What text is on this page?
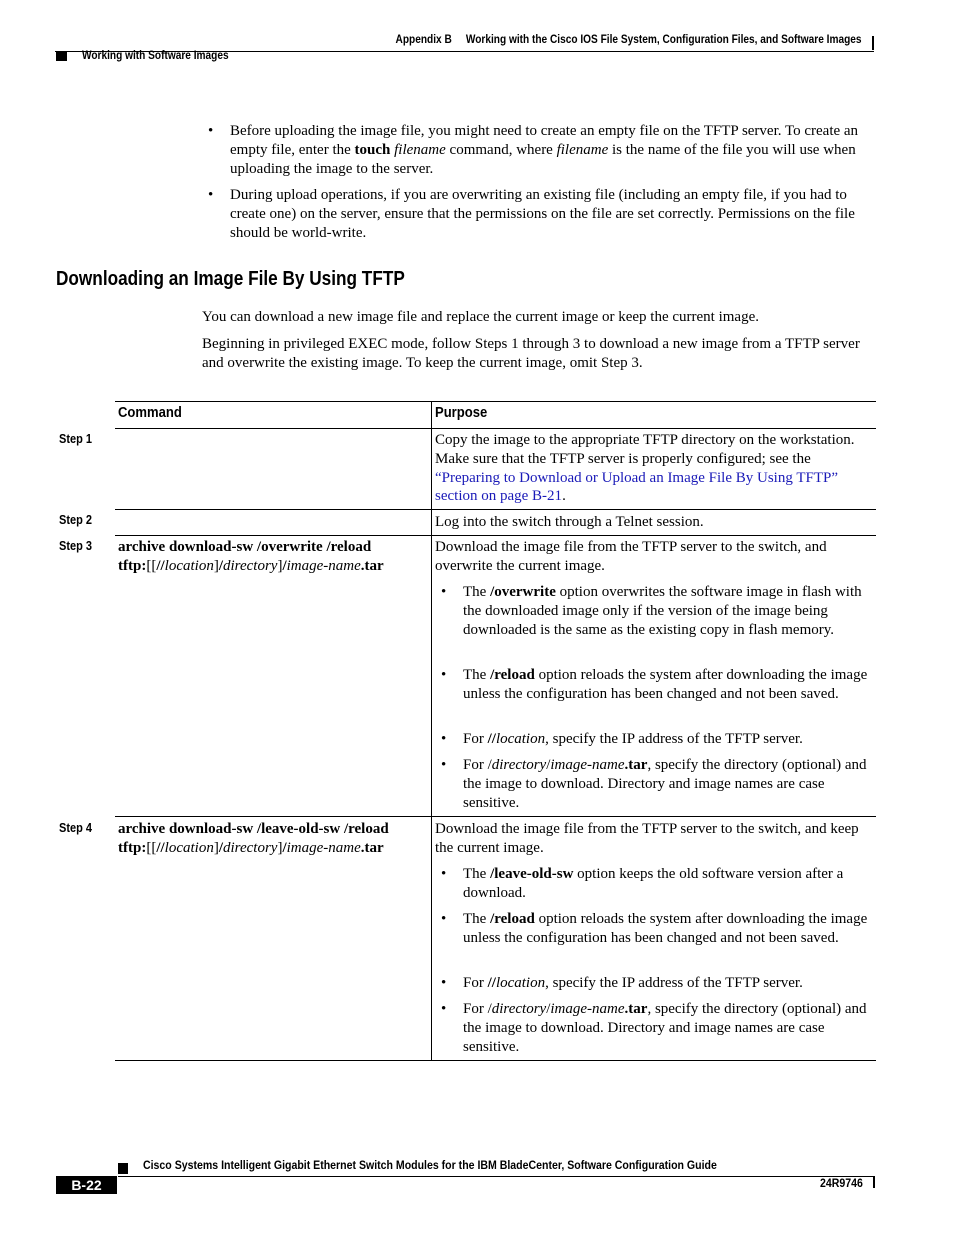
Appendix B Working with the Cisco IOS File System, Configuration Files, and Software Images
Working with Software Images
• Before uploading the image file, you might need to create an empty file on the TFTP server. To create an empty file, enter the touch filename command, where filename is the name of the file you will use when uploading the image to the server.
• During upload operations, if you are overwriting an existing file (including an empty file, if you had to create one) on the server, ensure that the permissions on the file are set correctly. Permissions on the file should be world-write.
Downloading an Image File By Using TFTP
You can download a new image file and replace the current image or keep the current image.
Beginning in privileged EXEC mode, follow Steps 1 through 3 to download a new image from a TFTP server and overwrite the existing image. To keep the current image, omit Step 3.
Command	Purpose
Step 1
Step 2
Step 3
Step 4
Copy the image to the appropriate TFTP directory on the workstation. Make sure that the TFTP server is properly configured; see the “Preparing to Download or Upload an Image File By Using TFTP” section on page B-21.
Log into the switch through a Telnet session.
archive download-sw /overwrite /reload
tftp:[[//location]/directory]/image-name.tar
Download the image file from the TFTP server to the switch, and overwrite the current image.
• The /overwrite option overwrites the software image in flash with the downloaded image only if the version of the image being downloaded is the same as the existing copy in flash memory.
• The /reload option reloads the system after downloading the image unless the configuration has been changed and not been saved.
• For //location, specify the IP address of the TFTP server.
• For /directory/image-name.tar, specify the directory (optional) and the image to download. Directory and image names are case sensitive.
archive download-sw /leave-old-sw /reload
tftp:[[//location]/directory]/image-name.tar
Download the image file from the TFTP server to the switch, and keep the current image.
• The /leave-old-sw option keeps the old software version after a download.
• The /reload option reloads the system after downloading the image unless the configuration has been changed and not been saved.
• For //location, specify the IP address of the TFTP server.
• For /directory/image-name.tar, specify the directory (optional) and the image to download. Directory and image names are case sensitive.
Cisco Systems Intelligent Gigabit Ethernet Switch Modules for the IBM BladeCenter, Software Configuration Guide
B-22	24R9746
